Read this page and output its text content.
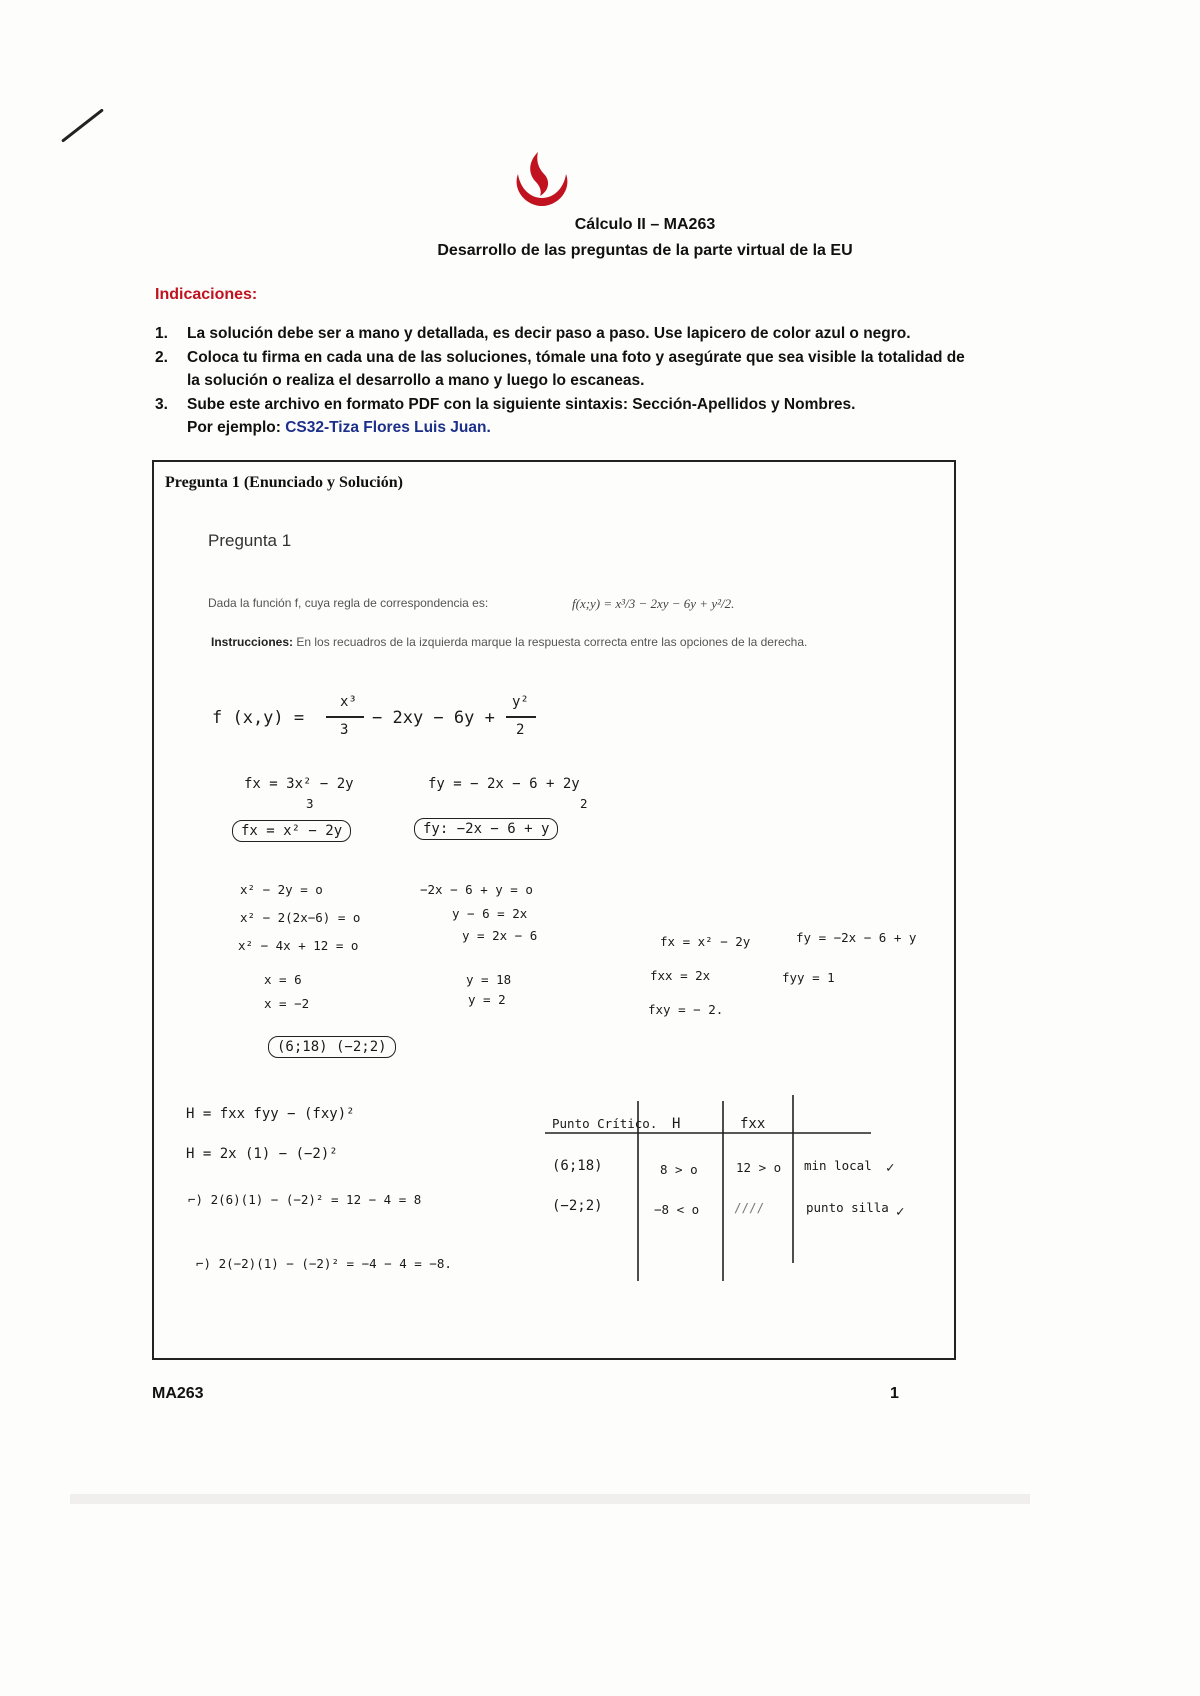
Cálculo II – MA263
Desarrollo de las preguntas de la parte virtual de la EU
Indicaciones:
1. La solución debe ser a mano y detallada, es decir paso a paso. Use lapicero de color azul o negro.
2. Coloca tu firma en cada una de las soluciones, tómale una foto y asegúrate que sea visible la totalidad de la solución o realiza el desarrollo a mano y luego lo escaneas.
3. Sube este archivo en formato PDF con la siguiente sintaxis: Sección-Apellidos y Nombres.
Por ejemplo: CS32-Tiza Flores Luis Juan.
Pregunta 1 (Enunciado y Solución)
Pregunta 1
Dada la función f, cuya regla de correspondencia es:	f(x;y) = x³/3 − 2xy − 6y + y²/2.
Instrucciones: En los recuadros de la izquierda marque la respuesta correcta entre las opciones de la derecha.
f (x,y) =
x³
3
− 2xy − 6y +
y²
2
fx = 3x² − 2y
3
fy = − 2x − 6 + 2y
2
fx = x² − 2y	fy: −2x − 6 + y
x² − 2y = o
x² − 2(2x−6) = o
x² − 4x + 12 = o
x = 6
x = −2
−2x − 6 + y = o
y − 6 = 2x
y = 2x − 6
y = 18
y = 2
fx = x² − 2y	fy = −2x − 6 + y
fxx = 2x	fyy = 1
fxy = − 2.
(6;18) (−2;2)
H = fxx fyy − (fxy)²
H = 2x (1) − (−2)²
⌐) 2(6)(1) − (−2)² = 12 − 4 = 8
⌐) 2(−2)(1) − (−2)² = −4 − 4 = −8.
Punto Crítico. H	fxx
(6;18)	8 > o	12 > o min local ✓
(−2;2)	−8 < o	////	punto silla ✓
MA263	1
